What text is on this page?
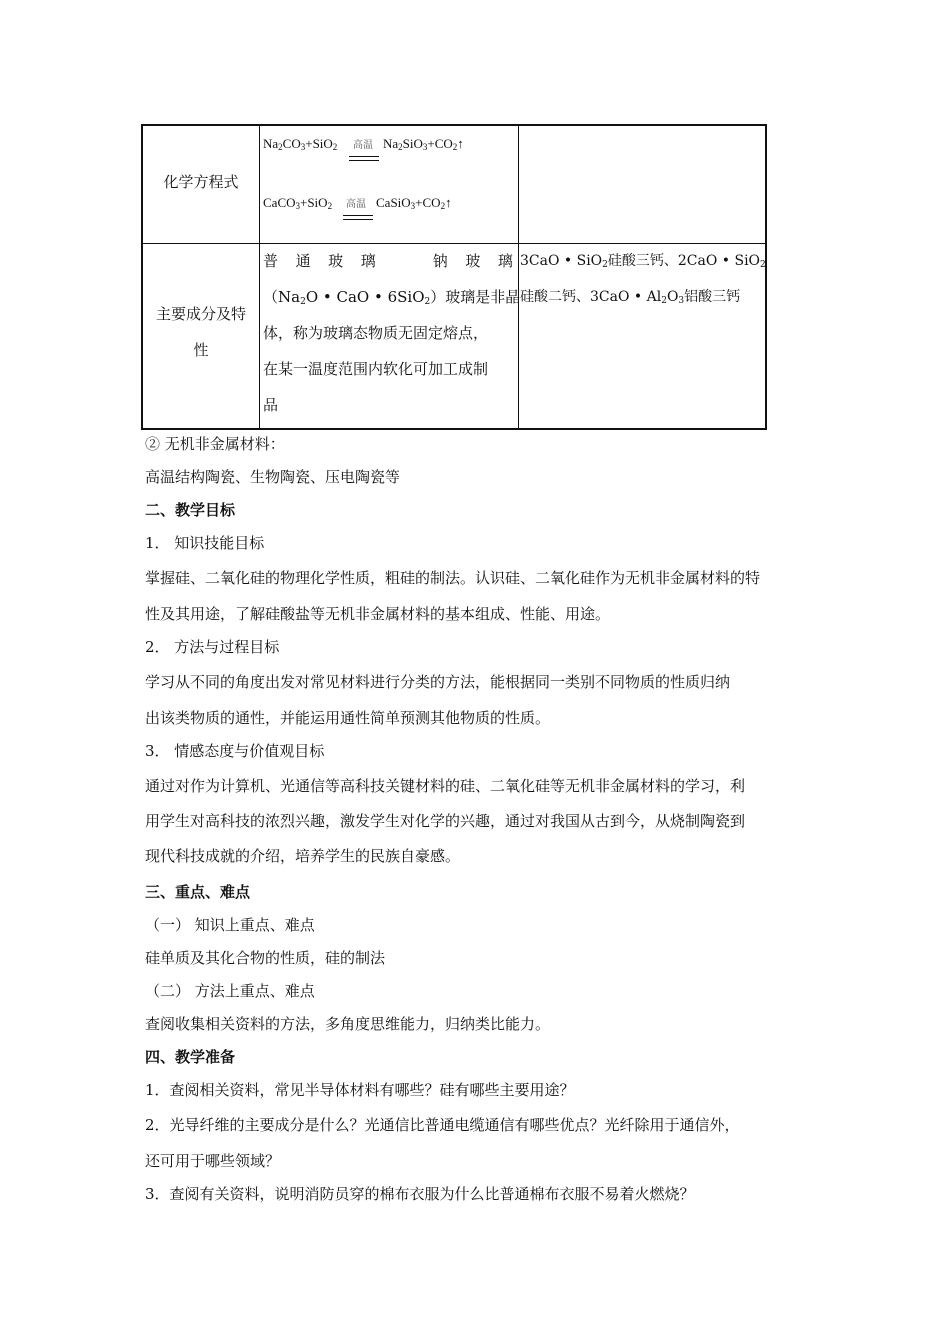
化学方程式
$Na_2CO_3+SiO_2$ 高温 $Na_2SiO_3+CO_2↑$
CaCO$_3$+SiO$_2$ 高温 $CaSiO_3+CO_2↑$
主要成分及特
性
普 通 玻 璃	钠 玻 璃
（$Na_2O$ • CaO • 6SiO$_2$）玻璃是非晶
体，称为玻璃态物质无固定熔点，
在某一温度范围内软化可加工成制
品
3CaO • SiO$_2$硅酸三钙、2CaO • SiO$_2$
硅酸二钙、3CaO • $Al_2O_3$铝酸三钙
② 无机非金属材料：
高温结构陶瓷、生物陶瓷、压电陶瓷等
二、教学目标
1． 知识技能目标
掌握硅、二氧化硅的物理化学性质，粗硅的制法。认识硅、二氧化硅作为无机非金属材料的特
性及其用途，了解硅酸盐等无机非金属材料的基本组成、性能、用途。
2． 方法与过程目标
学习从不同的角度出发对常见材料进行分类的方法，能根据同一类别不同物质的性质归纳
出该类物质的通性，并能运用通性简单预测其他物质的性质。
3． 情感态度与价值观目标
通过对作为计算机、光通信等高科技关键材料的硅、二氧化硅等无机非金属材料的学习，利
用学生对高科技的浓烈兴趣，激发学生对化学的兴趣，通过对我国从古到今，从烧制陶瓷到
现代科技成就的介绍，培养学生的民族自豪感。
三、重点、难点
（一） 知识上重点、难点
硅单质及其化合物的性质，硅的制法
（二） 方法上重点、难点
查阅收集相关资料的方法，多角度思维能力，归纳类比能力。
四、教学准备
1．查阅相关资料，常见半导体材料有哪些？硅有哪些主要用途？
2．光导纤维的主要成分是什么？光通信比普通电缆通信有哪些优点？光纤除用于通信外，
还可用于哪些领域？
3．查阅有关资料，说明消防员穿的棉布衣服为什么比普通棉布衣服不易着火燃烧？
